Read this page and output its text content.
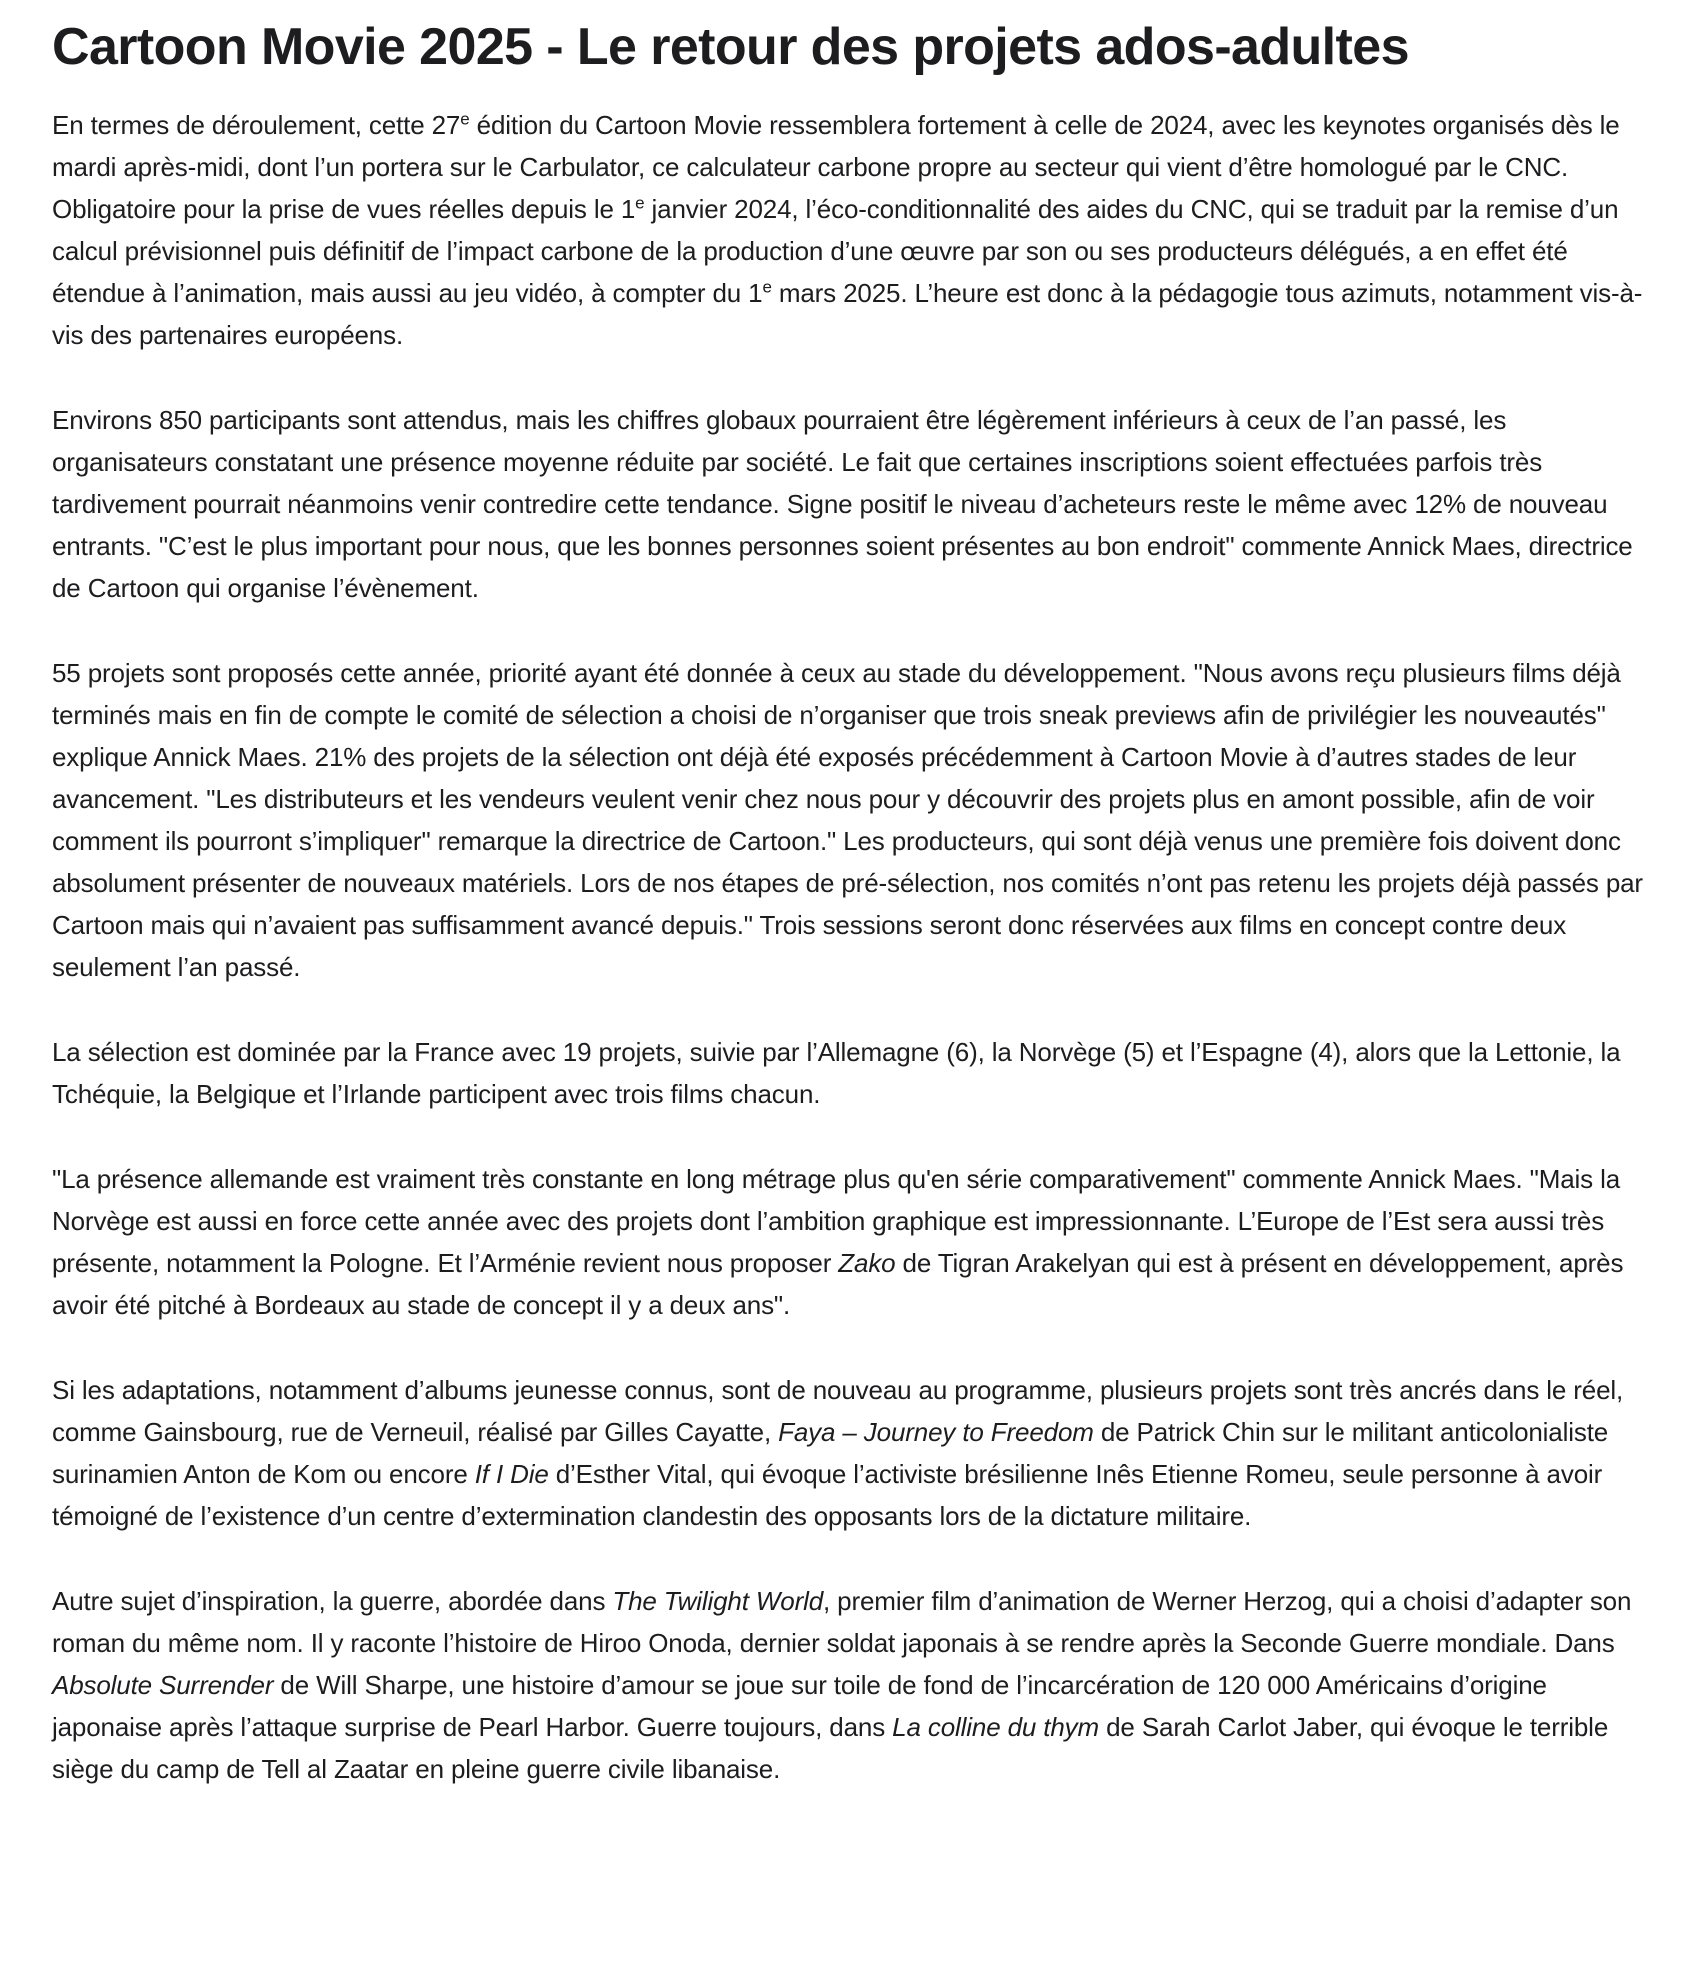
Cartoon Movie 2025 - Le retour des projets ados-adultes

En termes de déroulement, cette 27e édition du Cartoon Movie ressemblera fortement à celle de 2024, avec les keynotes organisés dès le mardi après-midi, dont l’un portera sur le Carbulator, ce calculateur carbone propre au secteur qui vient d’être homologué par le CNC. Obligatoire pour la prise de vues réelles depuis le 1e janvier 2024, l’éco-conditionnalité des aides du CNC, qui se traduit par la remise d’un calcul prévisionnel puis définitif de l’impact carbone de la production d’une œuvre par son ou ses producteurs délégués, a en effet été étendue à l’animation, mais aussi au jeu vidéo, à compter du 1e mars 2025. L’heure est donc à la pédagogie tous azimuts, notamment vis-à-vis des partenaires européens.

Environs 850 participants sont attendus, mais les chiffres globaux pourraient être légèrement inférieurs à ceux de l’an passé, les organisateurs constatant une présence moyenne réduite par société. Le fait que certaines inscriptions soient effectuées parfois très tardivement pourrait néanmoins venir contredire cette tendance. Signe positif le niveau d’acheteurs reste le même avec 12% de nouveau entrants. "C’est le plus important pour nous, que les bonnes personnes soient présentes au bon endroit" commente Annick Maes, directrice de Cartoon qui organise l’évènement.

55 projets sont proposés cette année, priorité ayant été donnée à ceux au stade du développement. "Nous avons reçu plusieurs films déjà terminés mais en fin de compte le comité de sélection a choisi de n’organiser que trois sneak previews afin de privilégier les nouveautés" explique Annick Maes. 21% des projets de la sélection ont déjà été exposés précédemment à Cartoon Movie à d’autres stades de leur avancement. "Les distributeurs et les vendeurs veulent venir chez nous pour y découvrir des projets plus en amont possible, afin de voir comment ils pourront s’impliquer" remarque la directrice de Cartoon." Les producteurs, qui sont déjà venus une première fois doivent donc absolument présenter de nouveaux matériels. Lors de nos étapes de pré-sélection, nos comités n’ont pas retenu les projets déjà passés par Cartoon mais qui n’avaient pas suffisamment avancé depuis." Trois sessions seront donc réservées aux films en concept contre deux seulement l’an passé.

La sélection est dominée par la France avec 19 projets, suivie par l’Allemagne (6), la Norvège (5) et l’Espagne (4), alors que la Lettonie, la Tchéquie, la Belgique et l’Irlande participent avec trois films chacun.

"La présence allemande est vraiment très constante en long métrage plus qu'en série comparativement" commente Annick Maes. "Mais la Norvège est aussi en force cette année avec des projets dont l’ambition graphique est impressionnante. L’Europe de l’Est sera aussi très présente, notamment la Pologne. Et l’Arménie revient nous proposer Zako de Tigran Arakelyan qui est à présent en développement, après avoir été pitché à Bordeaux au stade de concept il y a deux ans".

Si les adaptations, notamment d’albums jeunesse connus, sont de nouveau au programme, plusieurs projets sont très ancrés dans le réel, comme Gainsbourg, rue de Verneuil, réalisé par Gilles Cayatte, Faya – Journey to Freedom de Patrick Chin sur le militant anticolonialiste surinamien Anton de Kom ou encore If I Die d’Esther Vital, qui évoque l’activiste brésilienne Inês Etienne Romeu, seule personne à avoir témoigné de l’existence d’un centre d’extermination clandestin des opposants lors de la dictature militaire.

Autre sujet d’inspiration, la guerre, abordée dans The Twilight World, premier film d’animation de Werner Herzog, qui a choisi d’adapter son roman du même nom. Il y raconte l’histoire de Hiroo Onoda, dernier soldat japonais à se rendre après la Seconde Guerre mondiale. Dans Absolute Surrender de Will Sharpe, une histoire d’amour se joue sur toile de fond de l’incarcération de 120 000 Américains d’origine japonaise après l’attaque surprise de Pearl Harbor. Guerre toujours, dans La colline du thym de Sarah Carlot Jaber, qui évoque le terrible siège du camp de Tell al Zaatar en pleine guerre civile libanaise.
